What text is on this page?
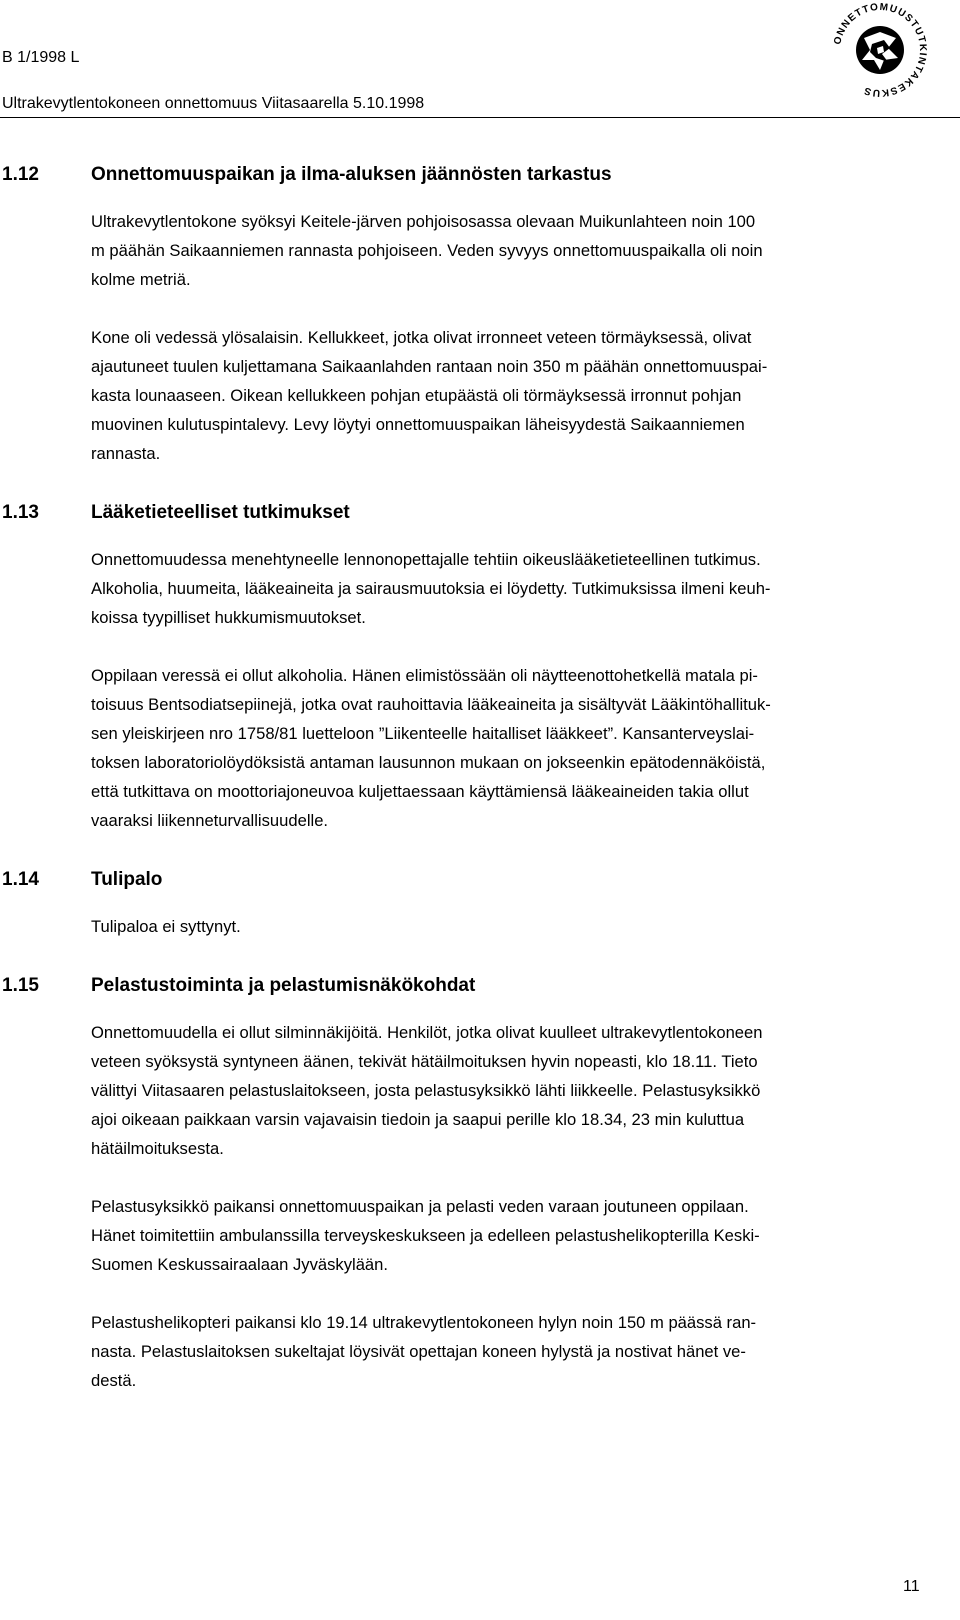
B 1/1998 L
Ultrakevytlentokoneen onnettomuus Viitasaarella 5.10.1998
ONNETTOMUUSTUTKINTAKESKUS
1.12	Onnettomuuspaikan ja ilma-aluksen jäännösten tarkastus
Ultrakevytlentokone syöksyi Keitele-järven pohjoisosassa olevaan Muikunlahteen noin 100
m päähän Saikaanniemen rannasta pohjoiseen. Veden syvyys onnettomuuspaikalla oli noin
kolme metriä.
Kone oli vedessä ylösalaisin. Kellukkeet, jotka olivat irronneet veteen törmäyksessä, olivat
ajautuneet tuulen kuljettamana Saikaanlahden rantaan noin 350 m päähän onnettomuuspai-
kasta lounaaseen. Oikean kellukkeen pohjan etupäästä oli törmäyksessä irronnut pohjan
muovinen kulutuspintalevy. Levy löytyi onnettomuuspaikan läheisyydestä Saikaanniemen
rannasta.
1.13	Lääketieteelliset tutkimukset
Onnettomuudessa menehtyneelle lennonopettajalle tehtiin oikeuslääketieteellinen tutkimus.
Alkoholia, huumeita, lääkeaineita ja sairausmuutoksia ei löydetty. Tutkimuksissa ilmeni keuh-
koissa tyypilliset hukkumismuutokset.
Oppilaan veressä ei ollut alkoholia. Hänen elimistössään oli näytteenottohetkellä matala pi-
toisuus Bentsodiatsepiinejä, jotka ovat rauhoittavia lääkeaineita ja sisältyvät Lääkintöhallituk-
sen yleiskirjeen nro 1758/81 luetteloon ”Liikenteelle haitalliset lääkkeet”. Kansanterveyslai-
toksen laboratoriolöydöksistä antaman lausunnon mukaan on jokseenkin epätodennäköistä,
että tutkittava on moottoriajoneuvoa kuljettaessaan käyttämiensä lääkeaineiden takia ollut
vaaraksi liikenneturvallisuudelle.
1.14	Tulipalo
Tulipaloa ei syttynyt.
1.15	Pelastustoiminta ja pelastumisnäkökohdat
Onnettomuudella ei ollut silminnäkijöitä. Henkilöt, jotka olivat kuulleet ultrakevytlentokoneen
veteen syöksystä syntyneen äänen, tekivät hätäilmoituksen hyvin nopeasti, klo 18.11. Tieto
välittyi Viitasaaren pelastuslaitokseen, josta pelastusyksikkö lähti liikkeelle. Pelastusyksikkö
ajoi oikeaan paikkaan varsin vajavaisin tiedoin ja saapui perille klo 18.34, 23 min kuluttua
hätäilmoituksesta.
Pelastusyksikkö paikansi onnettomuuspaikan ja pelasti veden varaan joutuneen oppilaan.
Hänet toimitettiin ambulanssilla terveyskeskukseen ja edelleen pelastushelikopterilla Keski-
Suomen Keskussairaalaan Jyväskylään.
Pelastushelikopteri paikansi klo 19.14 ultrakevytlentokoneen hylyn noin 150 m päässä ran-
nasta. Pelastuslaitoksen sukeltajat löysivät opettajan koneen hylystä ja nostivat hänet ve-
destä.
11
